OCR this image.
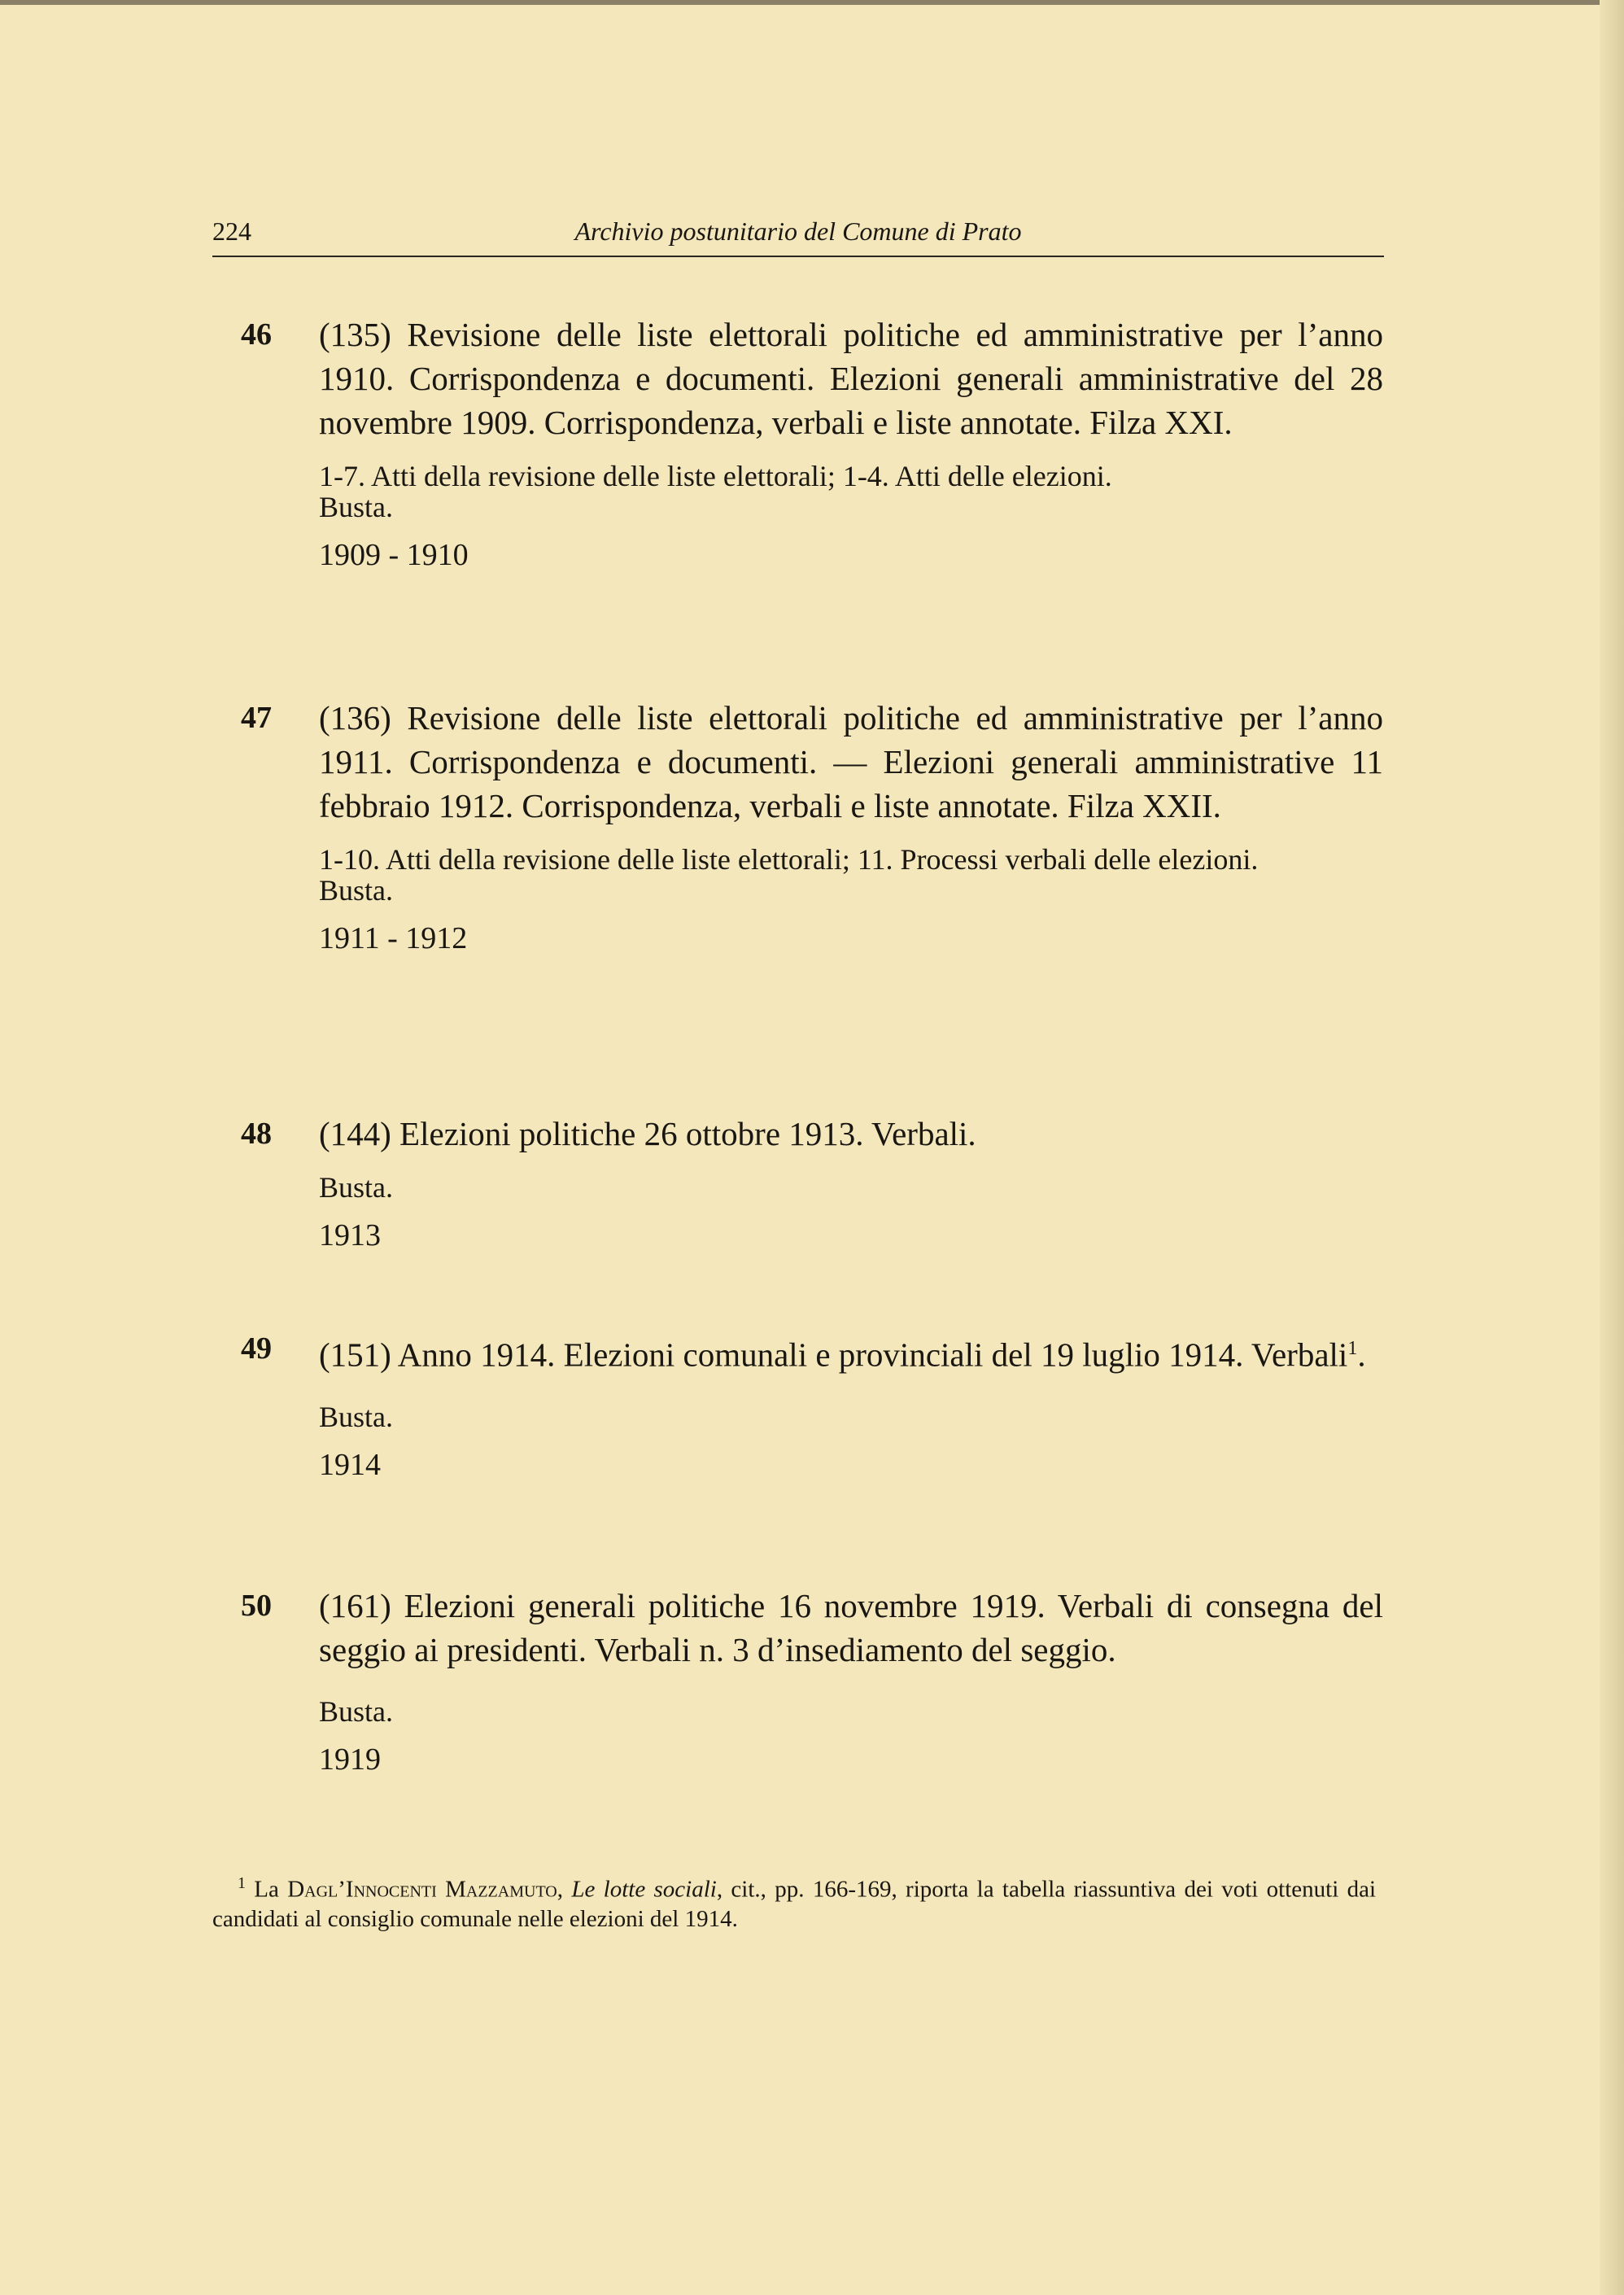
224	Archivio postunitario del Comune di Prato
46 (135) Revisione delle liste elettorali politiche ed amministrative per l’anno 1910. Corrispondenza e documenti. Elezioni generali amministrative del 28 novembre 1909. Corrispondenza, verbali e liste annotate. Filza XXI.
1-7. Atti della revisione delle liste elettorali; 1-4. Atti delle elezioni.
Busta.
1909 - 1910
47 (136) Revisione delle liste elettorali politiche ed amministrative per l’anno 1911. Corrispondenza e documenti. — Elezioni generali amministrative 11 febbraio 1912. Corrispondenza, verbali e liste annotate. Filza XXII.
1-10. Atti della revisione delle liste elettorali; 11. Processi verbali delle elezioni.
Busta.
1911 - 1912
48 (144) Elezioni politiche 26 ottobre 1913. Verbali.
Busta.
1913
49 (151) Anno 1914. Elezioni comunali e provinciali del 19 luglio 1914. Verbali$^1$.
Busta.
1914
50 (161) Elezioni generali politiche 16 novembre 1919. Verbali di consegna del seggio ai presidenti. Verbali n. 3 d’insediamento del seggio.
Busta.
1919
$^1$ La Dagl’Innocenti Mazzamuto, Le lotte sociali, cit., pp. 166-169, riporta la tabella riassuntiva dei voti ottenuti dai candidati al consiglio comunale nelle elezioni del 1914.
